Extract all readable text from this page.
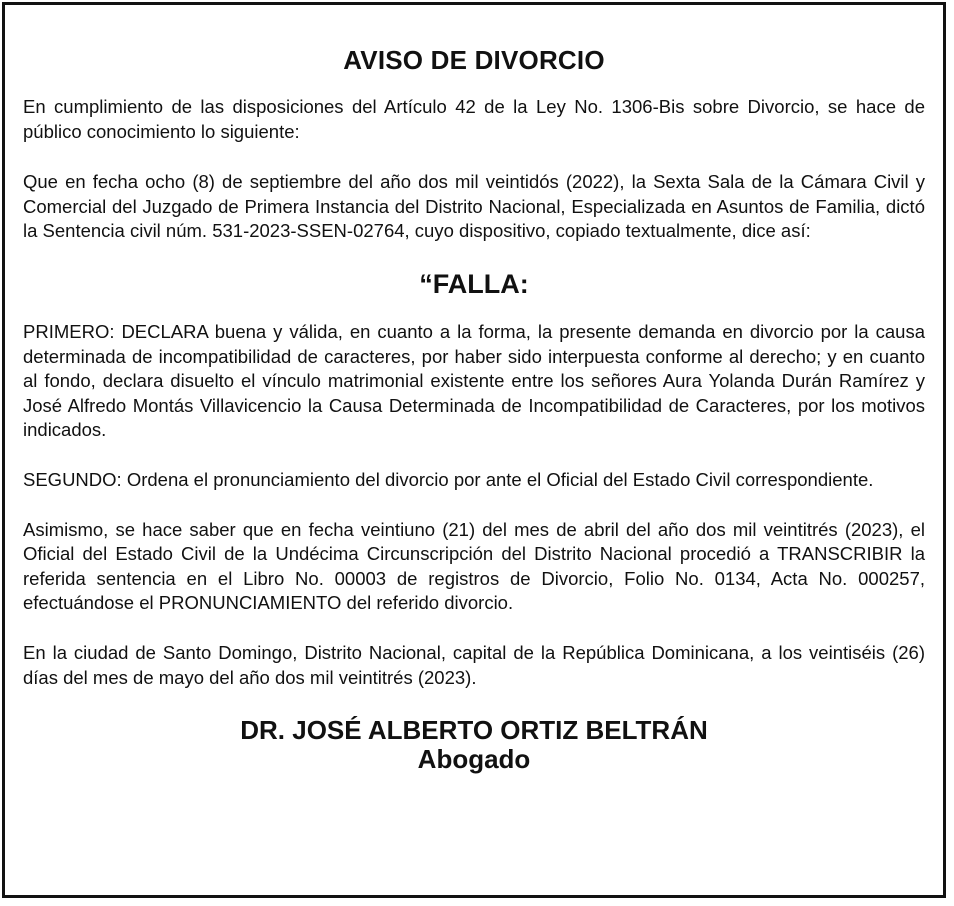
AVISO DE DIVORCIO

En cumplimiento de las disposiciones del Artículo 42 de la Ley No. 1306-Bis sobre Divorcio, se hace de público conocimiento lo siguiente:

Que en fecha ocho (8) de septiembre del año dos mil veintidós (2022), la Sexta Sala de la Cámara Civil y Comercial del Juzgado de Primera Instancia del Distrito Nacional, Especializada en Asuntos de Familia, dictó la Sentencia civil núm. 531-2023-SSEN-02764, cuyo dispositivo, copiado textualmente, dice así:

“FALLA:

PRIMERO: DECLARA buena y válida, en cuanto a la forma, la presente demanda en divorcio por la causa determinada de incompatibilidad de caracteres, por haber sido interpuesta conforme al derecho; y en cuanto al fondo, declara disuelto el vínculo matrimonial existente entre los señores Aura Yolanda Durán Ramírez y José Alfredo Montás Villavicencio la Causa Determinada de Incompatibilidad de Caracteres, por los motivos indicados.

SEGUNDO: Ordena el pronunciamiento del divorcio por ante el Oficial del Estado Civil correspondiente.

Asimismo, se hace saber que en fecha veintiuno (21) del mes de abril del año dos mil veintitrés (2023), el Oficial del Estado Civil de la Undécima Circunscripción del Distrito Nacional procedió a TRANSCRIBIR la referida sentencia en el Libro No. 00003 de registros de Divorcio, Folio No. 0134, Acta No. 000257, efectuándose el PRONUNCIAMIENTO del referido divorcio.

En la ciudad de Santo Domingo, Distrito Nacional, capital de la República Dominicana, a los veintiséis (26) días del mes de mayo del año dos mil veintitrés (2023).

DR. JOSÉ ALBERTO ORTIZ BELTRÁN
Abogado
